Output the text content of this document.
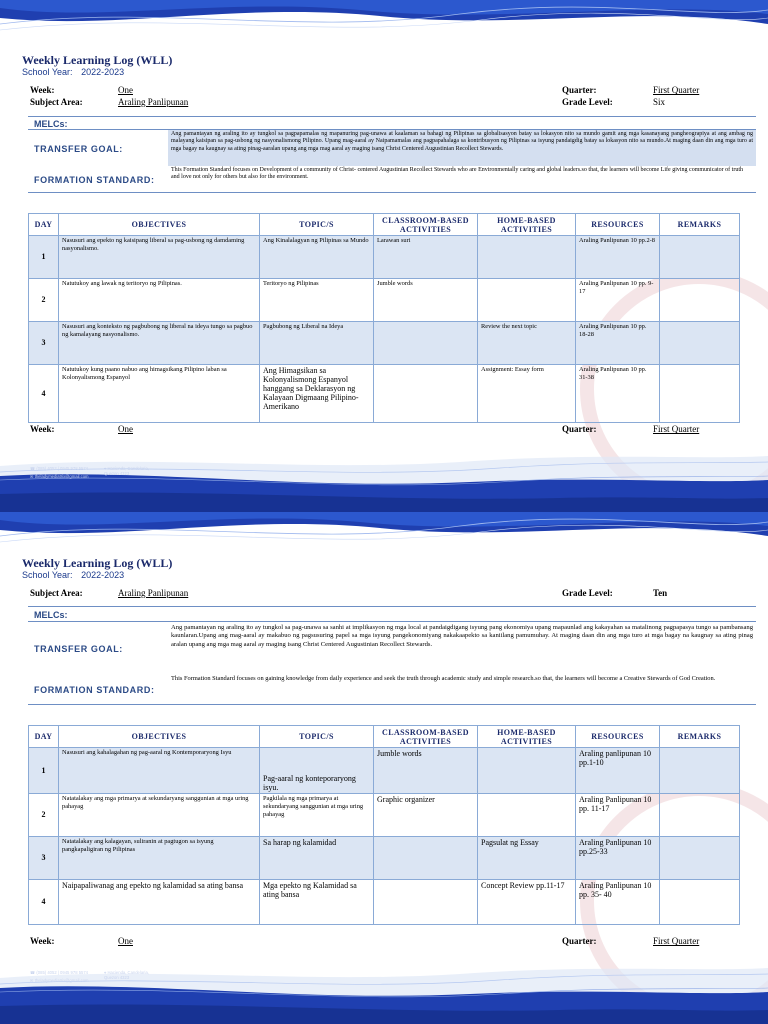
Weekly Learning Log (WLL)
School Year: 2022-2023
Week:	One
Subject Area:	Araling Panlipunan
Quarter:	First Quarter
Grade Level:	Six
MELCs:
TRANSFER GOAL:
Ang pamantayan ng araling ito ay tungkol sa pagpapamalas ng mapanuring pag-unawa at kaalaman sa bahagi ng Pilipinas sa globalisasyon batay sa lokasyon nito sa mundo gamit ang mga kasanayang pangheograpiya at ang ambag ng malayang kaisipan sa pag-usbong ng nasyonalismong Pilipino. Upang mag-aaral ay Naipamamalas ang pagpapahalaga sa kontribusyon ng Pilipinas sa isyung pandaigdig batay sa lokasyon nito sa mundo.At maging daan din ang mga turo at mga bagay na kaugnay sa ating pinag-aaralan upang ang mga mag aaral ay maging isang Christ Centered Augustinian Recollect Stewards.
FORMATION STANDARD:
This Formation Standard focuses on Development of a community of Christ- centered Augustinian Recollect Stewards who are Environmentally caring and global leaders.so that, the learners will become Life giving communicator of truth and love not only for others but also for the environment.
DAY	OBJECTIVES	TOPIC/S	CLASSROOM-BASED ACTIVITIES	HOME-BASED ACTIVITIES	RESOURCES	REMARKS
1	Nasusuri ang epekto ng kaisipang liberal sa pag-usbong ng damdaming nasyonalismo.	Ang Kinalalagyan ng Pilipinas sa Mundo	Larawan suri		Araling Panlipunan 10 pp.2-8	
2	Natutukoy ang lawak ng teritoryo ng Pilipinas.	Teritoryo ng Pilipinas	Jumble words		Araling Panlipunan 10 pp. 9-17	
3	Nasusuri ang konteksto ng pagbubong ng liberal na ideya tungo sa pagbuo ng kamalayang nasyonalismo.	Pagbubong ng Liberal na Ideya		Review the next topic	Araling Panlipunan 10 pp. 18-28	
4	Natutukoy kung paano nabuo ang himagsikang Pilipino laban sa Kolonyalismong Espanyol	Ang Himagsikan sa Kolonyalismong Espanyol hanggang sa Deklarasyon ng Kalayaan Digmaang Pilipino-Amerikano		Assignment: Essay form	Araling Panlipunan 10 pp. 31-38	
Week:	One	Quarter:	First Quarter
THE LADY MEDIATRIX INSTITUTE, INC.
☎ (085) 4052 | 0945 978 5574
✉ theladymediatrix@gmail.com
⌖ Hacienda, Candelaria, Quezon 4323
Weekly Learning Log (WLL)
School Year: 2022-2023
Subject Area:	Araling Panlipunan	Grade Level:	Ten
MELCs:
TRANSFER GOAL:
Ang pamantayan ng araling ito ay tungkol sa pag-unawa sa sanhi at implikasyon ng mga local at pandaigdigang isyung pang ekonomiya upang mapaunlad ang kakayahan sa matalinong pagpapasya tungo sa pambansang kaunlaran.Upang ang mag-aaral ay makabuo ng pagsusuring papel sa mga isyung pangekonomiyang nakakaapekto sa kaniilang pamumuhay. At maging daan din ang mga turo at mga bagay na kaugnay sa ating pinag aralan upang ang mga mag aaral ay maging isang Christ Centered Augustinian Recollect Stewards.
FORMATION STANDARD:
This Formation Standard focuses on gaining knowledge from daily experience and seek the truth through academic study and simple research.so that, the learners will become a Creative Stewards of God Creation.
DAY	OBJECTIVES	TOPIC/S	CLASSROOM-BASED ACTIVITIES	HOME-BASED ACTIVITIES	RESOURCES	REMARKS
1	Nasusuri ang kahalagahan ng pag-aaral ng Kontemporaryong Isyu	Pag-aaral ng konteporaryong isyu.	Jumble words		Araling panlipunan 10 pp.1-10	
2	Natatalakay ang mga primarya at sekundaryang sanggunian at mga uring pahayag	Pagkilala ng mga primarya at sekundaryang sanggunian at mga uring pahayag	Graphic organizer		Araling Panlipunan 10 pp. 11-17	
3	Natatalakay ang kalagayan, suliranin at pagtugon sa isyung pangkapaligiran ng Pilipinas	Sa harap ng kalamidad		Pagsulat ng Essay	Araling Panlipunan 10 pp.25-33	
4	Naipapaliwanag ang epekto ng kalamidad sa ating bansa	Mga epekto ng Kalamidad sa ating bansa		Concept Review pp.11-17	Araling Panlipunan 10 pp. 35- 40	
Week:	One	Quarter:	First Quarter
THE LADY MEDIATRIX INSTITUTE, INC.
☎ (085) 4052 | 0945 978 5574
✉ theladymediatrix@gmail.com
⌖ Hacienda, Candelaria, Quezon 4323
